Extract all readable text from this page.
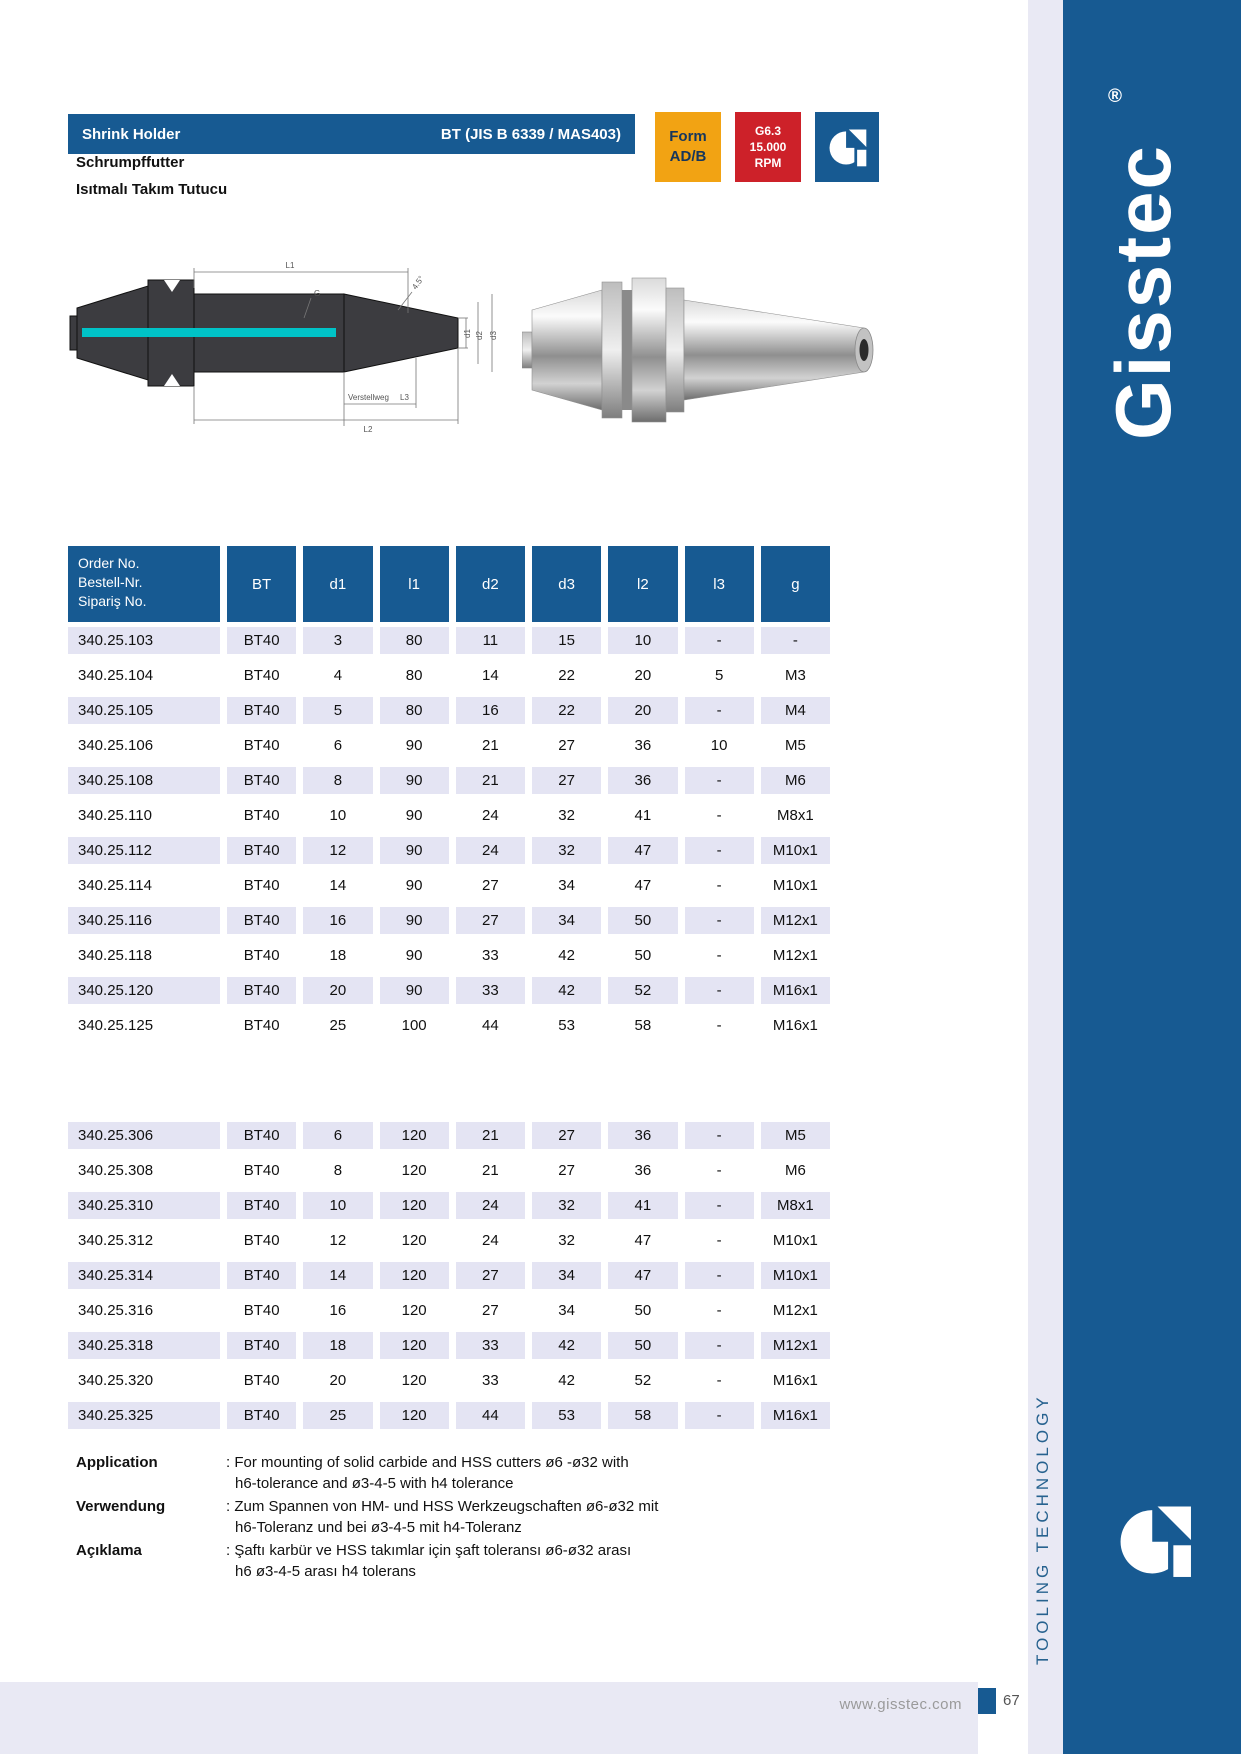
Shrink Holder	BT (JIS B 6339 / MAS403)	Form
AD/B
G6.3
15.000 RPM
Schrumpffutter
Isıtmalı Takım Tutucu
L1
G
4.5°
d1 d2 d3
Verstellweg L3
L2
Order No.
Bestell-Nr.
Sipariş No.
BT	d1	l1	d2	d3	l2	l3	g
340.25.103	BT40	3	80	11	15	10	-	-
340.25.104	BT40	4	80	14	22	20	5	M3
340.25.105	BT40	5	80	16	22	20	-	M4
340.25.106	BT40	6	90	21	27	36	10	M5
340.25.108	BT40	8	90	21	27	36	-	M6
340.25.110	BT40	10	90	24	32	41	-	M8x1
340.25.112	BT40	12	90	24	32	47	-	M10x1
340.25.114	BT40	14	90	27	34	47	-	M10x1
340.25.116	BT40	16	90	27	34	50	-	M12x1
340.25.118	BT40	18	90	33	42	50	-	M12x1
340.25.120	BT40	20	90	33	42	52	-	M16x1
340.25.125	BT40	25	100	44	53	58	-	M16x1
340.25.306	BT40	6	120	21	27	36	-	M5
340.25.308	BT40	8	120	21	27	36	-	M6
340.25.310	BT40	10	120	24	32	41	-	M8x1
340.25.312	BT40	12	120	24	32	47	-	M10x1
340.25.314	BT40	14	120	27	34	47	-	M10x1
340.25.316	BT40	16	120	27	34	50	-	M12x1
340.25.318	BT40	18	120	33	42	50	-	M12x1
340.25.320	BT40	20	120	33	42	52	-	M16x1
340.25.325	BT40	25	120	44	53	58	-	M16x1
Application	: For mounting of solid carbide and HSS cutters ø6 -ø32 with
h6-tolerance and ø3-4-5 with h4 tolerance
Verwendung	: Zum Spannen von HM- und HSS Werkzeugschaften ø6-ø32 mit
h6-Toleranz und bei ø3-4-5 mit h4-Toleranz
Açıklama	: Şaftı karbür ve HSS takımlar için şaft toleransı ø6-ø32 arası
h6 ø3-4-5 arası h4 tolerans
Gisstec
®
TOOLING TECHNOLOGY
www.gisstec.com	67
